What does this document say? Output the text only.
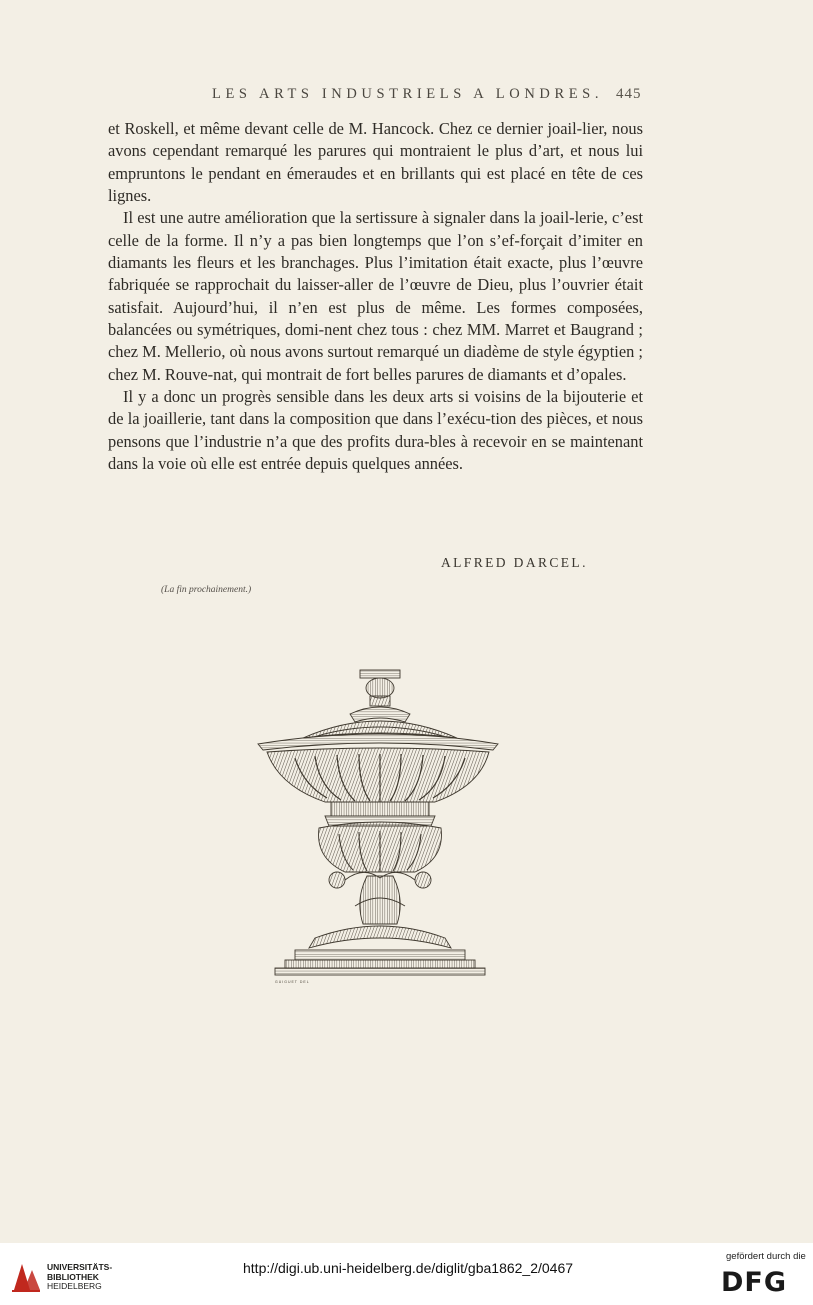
LES ARTS INDUSTRIELS A LONDRES. 445

et Roskell, et même devant celle de M. Hancock. Chez ce dernier joail-lier, nous avons cependant remarqué les parures qui montraient le plus d’art, et nous lui empruntons le pendant en émeraudes et en brillants qui est placé en tête de ces lignes.

Il est une autre amélioration que la sertissure à signaler dans la joail-lerie, c’est celle de la forme. Il n’y a pas bien longtemps que l’on s’ef-forçait d’imiter en diamants les fleurs et les branchages. Plus l’imitation était exacte, plus l’œuvre fabriquée se rapprochait du laisser-aller de l’œuvre de Dieu, plus l’ouvrier était satisfait. Aujourd’hui, il n’en est plus de même. Les formes composées, balancées ou symétriques, domi-nent chez tous : chez MM. Marret et Baugrand ; chez M. Mellerio, où nous avons surtout remarqué un diadème de style égyptien ; chez M. Rouve-nat, qui montrait de fort belles parures de diamants et d’opales.

Il y a donc un progrès sensible dans les deux arts si voisins de la bijouterie et de la joaillerie, tant dans la composition que dans l’exécu-tion des pièces, et nous pensons que l’industrie n’a que des profits dura-bles à recevoir en se maintenant dans la voie où elle est entrée depuis quelques années.

ALFRED DARCEL.
(La fin prochainement.)
GUIGUET DEL
UNIVERSITÄTS-
BIBLIOTHEK
HEIDELBERG
http://digi.ub.uni-heidelberg.de/diglit/gba1862_2/0467
gefördert durch die
DFG
